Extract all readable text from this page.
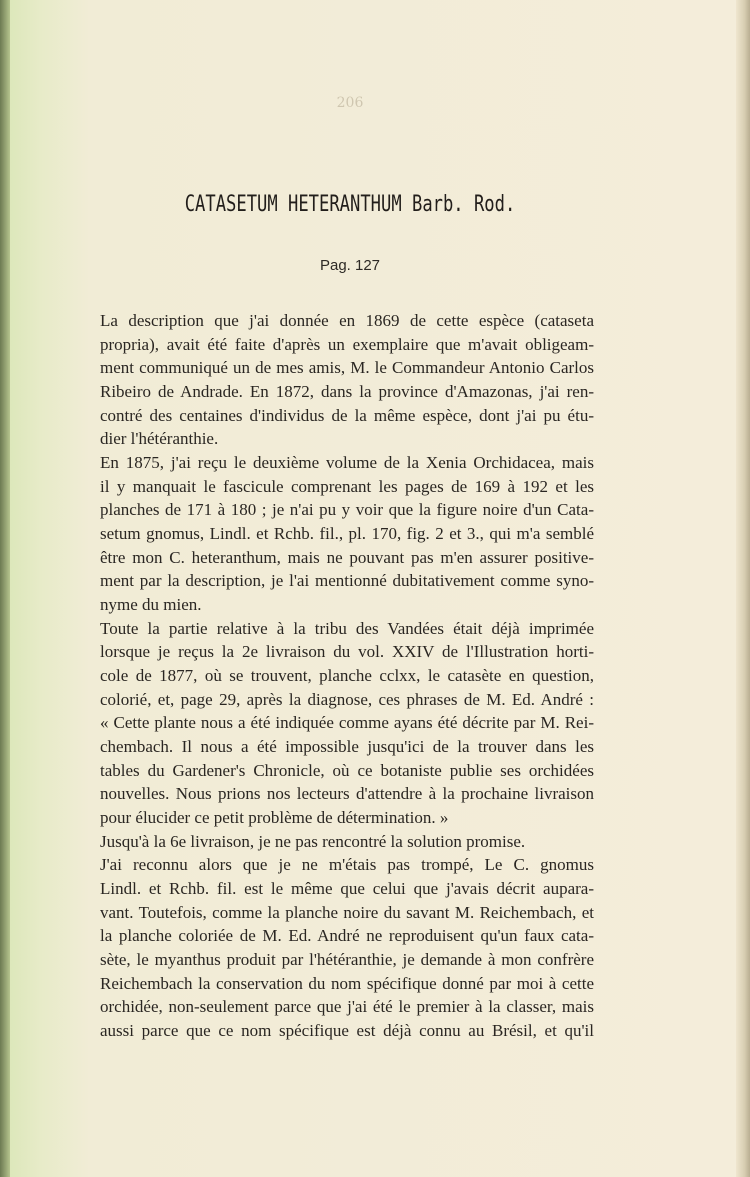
206
CATASETUM HETERANTHUM Barb. Rod.
Pag. 127
La description que j'ai donnée en 1869 de cette espèce (cataseta
propria), avait été faite d'après un exemplaire que m'avait obligeam-
ment communiqué un de mes amis, M. le Commandeur Antonio Carlos
Ribeiro de Andrade. En 1872, dans la province d'Amazonas, j'ai ren-
contré des centaines d'individus de la même espèce, dont j'ai pu étu-
dier l'hétéranthie.
En 1875, j'ai reçu le deuxième volume de la Xenia Orchidacea, mais
il y manquait le fascicule comprenant les pages de 169 à 192 et les
planches de 171 à 180 ; je n'ai pu y voir que la figure noire d'un Cata-
setum gnomus, Lindl. et Rchb. fil., pl. 170, fig. 2 et 3., qui m'a semblé
être mon C. heteranthum, mais ne pouvant pas m'en assurer positive-
ment par la description, je l'ai mentionné dubitativement comme syno-
nyme du mien.
Toute la partie relative à la tribu des Vandées était déjà imprimée
lorsque je reçus la 2e livraison du vol. XXIV de l'Illustration horti-
cole de 1877, où se trouvent, planche cclxx, le catasète en question,
colorié, et, page 29, après la diagnose, ces phrases de M. Ed. André :
« Cette plante nous a été indiquée comme ayans été décrite par M. Rei-
chembach. Il nous a été impossible jusqu'ici de la trouver dans les
tables du Gardener's Chronicle, où ce botaniste publie ses orchidées
nouvelles. Nous prions nos lecteurs d'attendre à la prochaine livraison
pour élucider ce petit problème de détermination. »
Jusqu'à la 6e livraison, je ne pas rencontré la solution promise.
J'ai reconnu alors que je ne m'étais pas trompé, Le C. gnomus
Lindl. et Rchb. fil. est le même que celui que j'avais décrit aupara-
vant. Toutefois, comme la planche noire du savant M. Reichembach, et
la planche coloriée de M. Ed. André ne reproduisent qu'un faux cata-
sète, le myanthus produit par l'hétéranthie, je demande à mon confrère
Reichembach la conservation du nom spécifique donné par moi à cette
orchidée, non-seulement parce que j'ai été le premier à la classer, mais
aussi parce que ce nom spécifique est déjà connu au Brésil, et qu'il
